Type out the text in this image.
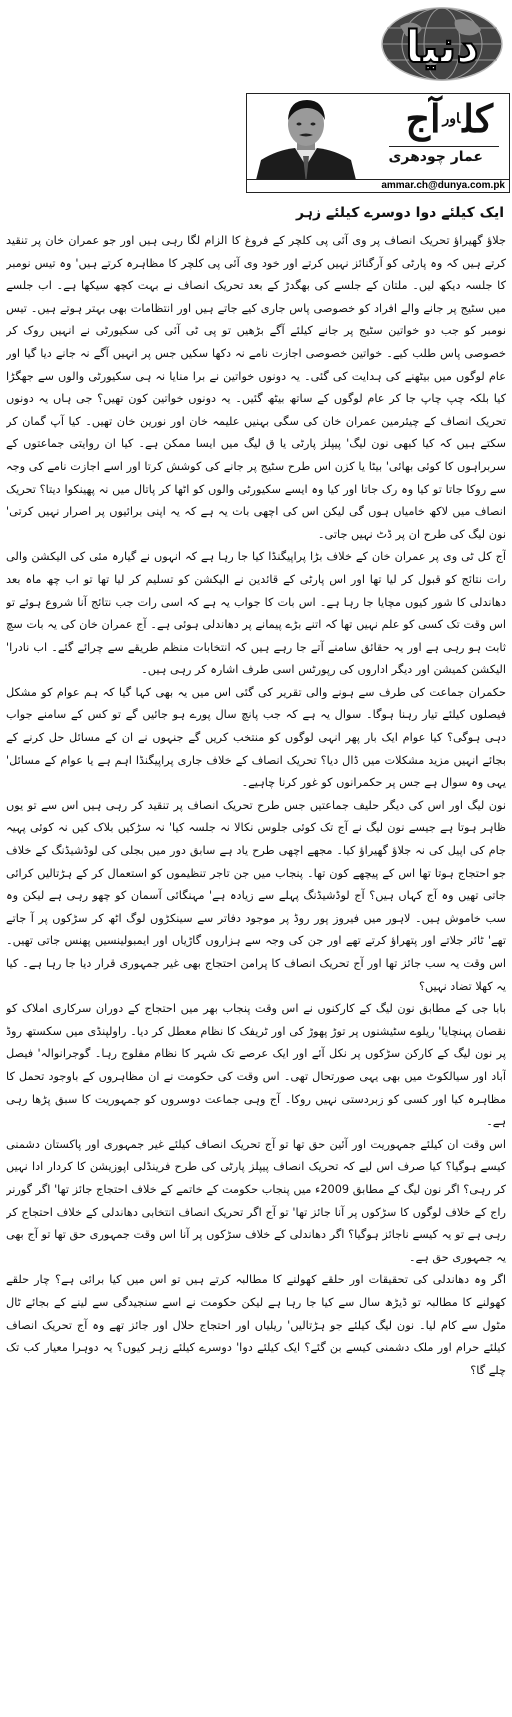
دنیا
کل$^{اور}$آج
عمار چودھری
ammar.ch@dunya.com.pk
ایک کیلئے دوا دوسرے کیلئے زہر

جلاؤ گھیراؤ تحریک انصاف پر وی آئی پی کلچر کے فروغ کا الزام لگا رہی ہیں اور جو عمران خان پر تنقید کرتے ہیں کہ وہ پارٹی کو آرگنائز نہیں کرتے اور خود وی آئی پی کلچر کا مظاہرہ کرتے ہیں' وہ تیس نومبر کا جلسہ دیکھ لیں۔ ملتان کے جلسے کی بھگدڑ کے بعد تحریک انصاف نے بہت کچھ سیکھا ہے۔ اب جلسے میں سٹیج پر جانے والے افراد کو خصوصی پاس جاری کیے جاتے ہیں اور انتظامات بھی بہتر ہوتے ہیں۔ تیس نومبر کو جب دو خواتین سٹیج پر جانے کیلئے آگے بڑھیں تو پی ٹی آئی کی سکیورٹی نے انہیں روک کر خصوصی پاس طلب کیے۔ خواتین خصوصی اجازت نامے نہ دکھا سکیں جس پر انہیں آگے نہ جانے دیا گیا اور عام لوگوں میں بیٹھنے کی ہدایت کی گئی۔ یہ دونوں خواتین نے برا منایا نہ ہی سکیورٹی والوں سے جھگڑا کیا بلکہ چپ چاپ جا کر عام لوگوں کے ساتھ بیٹھ گئیں۔ یہ دونوں خواتین کون تھیں؟ جی ہاں یہ دونوں تحریک انصاف کے چیئرمین عمران خان کی سگی بہنیں علیمہ خان اور نورین خان تھیں۔ کیا آپ گمان کر سکتے ہیں کہ کیا کبھی نون لیگ' پیپلز پارٹی یا ق لیگ میں ایسا ممکن ہے۔ کیا ان روایتی جماعتوں کے سربراہوں کا کوئی بھائی' بیٹا یا کزن اس طرح سٹیج پر جانے کی کوشش کرتا اور اسے اجازت نامے کی وجہ سے روکا جاتا تو کیا وہ رک جاتا اور کیا وہ ایسے سکیورٹی والوں کو اٹھا کر پاتال میں نہ پھینکوا دیتا؟ تحریک انصاف میں لاکھ خامیاں ہوں گی لیکن اس کی اچھی بات یہ ہے کہ یہ اپنی برائیوں پر اصرار نہیں کرتی' نون لیگ کی طرح ان پر ڈٹ نہیں جاتی۔

آج کل ٹی وی پر عمران خان کے خلاف بڑا پراپیگنڈا کیا جا رہا ہے کہ انہوں نے گیارہ مئی کی الیکشن والی رات نتائج کو قبول کر لیا تھا اور اس پارٹی کے قائدین نے الیکشن کو تسلیم کر لیا تھا تو اب چھ ماہ بعد دھاندلی کا شور کیوں مچایا جا رہا ہے۔ اس بات کا جواب یہ ہے کہ اسی رات جب نتائج آنا شروع ہوئے تو اس وقت تک کسی کو علم نہیں تھا کہ اتنے بڑے پیمانے پر دھاندلی ہوئی ہے۔ آج عمران خان کی یہ بات سچ ثابت ہو رہی ہے اور یہ حقائق سامنے آتے جا رہے ہیں کہ انتخابات منظم طریقے سے چرائے گئے۔ اب نادرا' الیکشن کمیشن اور دیگر اداروں کی رپورٹس اسی طرف اشارہ کر رہی ہیں۔

حکمران جماعت کی طرف سے ہونے والی تقریر کی گئی اس میں یہ بھی کہا گیا کہ ہم عوام کو مشکل فیصلوں کیلئے تیار رہنا ہوگا۔ سوال یہ ہے کہ جب پانچ سال پورے ہو جائیں گے تو کس کے سامنے جواب دہی ہوگی؟ کیا عوام ایک بار پھر انہی لوگوں کو منتخب کریں گے جنہوں نے ان کے مسائل حل کرنے کے بجائے انہیں مزید مشکلات میں ڈال دیا؟ تحریک انصاف کے خلاف جاری پراپیگنڈا اہم ہے یا عوام کے مسائل' یہی وہ سوال ہے جس پر حکمرانوں کو غور کرنا چاہیے۔

نون لیگ اور اس کی دیگر حلیف جماعتیں جس طرح تحریک انصاف پر تنقید کر رہی ہیں اس سے تو یوں ظاہر ہوتا ہے جیسے نون لیگ نے آج تک کوئی جلوس نکالا نہ جلسہ کیا' نہ سڑکیں بلاک کیں نہ کوئی پہیہ جام کی اپیل کی نہ جلاؤ گھیراؤ کیا۔ مجھے اچھی طرح یاد ہے سابق دور میں بجلی کی لوڈشیڈنگ کے خلاف جو احتجاج ہوتا تھا اس کے پیچھے کون تھا۔ پنجاب میں جن تاجر تنظیموں کو استعمال کر کے ہڑتالیں کرائی جاتی تھیں وہ آج کہاں ہیں؟ آج لوڈشیڈنگ پہلے سے زیادہ ہے' مہنگائی آسمان کو چھو رہی ہے لیکن وہ سب خاموش ہیں۔ لاہور میں فیروز پور روڈ پر موجود دفاتر سے سینکڑوں لوگ اٹھ کر سڑکوں پر آ جاتے تھے' ٹائر جلاتے اور پتھراؤ کرتے تھے اور جن کی وجہ سے ہزاروں گاڑیاں اور ایمبولینسیں پھنس جاتی تھیں۔ اس وقت یہ سب جائز تھا اور آج تحریک انصاف کا پرامن احتجاج بھی غیر جمہوری قرار دیا جا رہا ہے۔ کیا یہ کھلا تضاد نہیں؟

بابا جی کے مطابق نون لیگ کے کارکنوں نے اس وقت پنجاب بھر میں احتجاج کے دوران سرکاری املاک کو نقصان پہنچایا' ریلوے سٹیشنوں پر توڑ پھوڑ کی اور ٹریفک کا نظام معطل کر دیا۔ راولپنڈی میں سکستھ روڈ پر نون لیگ کے کارکن سڑکوں پر نکل آئے اور ایک عرصے تک شہر کا نظام مفلوج رہا۔ گوجرانوالہ' فیصل آباد اور سیالکوٹ میں بھی یہی صورتحال تھی۔ اس وقت کی حکومت نے ان مظاہروں کے باوجود تحمل کا مظاہرہ کیا اور کسی کو زبردستی نہیں روکا۔ آج وہی جماعت دوسروں کو جمہوریت کا سبق پڑھا رہی ہے۔

اس وقت ان کیلئے جمہوریت اور آئین حق تھا تو آج تحریک انصاف کیلئے غیر جمہوری اور پاکستان دشمنی کیسے ہوگیا؟ کیا صرف اس لیے کہ تحریک انصاف پیپلز پارٹی کی طرح فرینڈلی اپوزیشن کا کردار ادا نہیں کر رہی؟ اگر نون لیگ کے مطابق 2009ء میں پنجاب حکومت کے خاتمے کے خلاف احتجاج جائز تھا' اگر گورنر راج کے خلاف لوگوں کا سڑکوں پر آنا جائز تھا' تو آج اگر تحریک انصاف انتخابی دھاندلی کے خلاف احتجاج کر رہی ہے تو یہ کیسے ناجائز ہوگیا؟ اگر دھاندلی کے خلاف سڑکوں پر آنا اس وقت جمہوری حق تھا تو آج بھی یہ جمہوری حق ہے۔

اگر وہ دھاندلی کی تحقیقات اور حلقے کھولنے کا مطالبہ کرتے ہیں تو اس میں کیا برائی ہے؟ چار حلقے کھولنے کا مطالبہ تو ڈیڑھ سال سے کیا جا رہا ہے لیکن حکومت نے اسے سنجیدگی سے لینے کے بجائے ٹال مٹول سے کام لیا۔ نون لیگ کیلئے جو ہڑتالیں' ریلیاں اور احتجاج حلال اور جائز تھے وہ آج تحریک انصاف کیلئے حرام اور ملک دشمنی کیسے بن گئے؟ ایک کیلئے دوا' دوسرے کیلئے زہر کیوں؟ یہ دوہرا معیار کب تک چلے گا؟
